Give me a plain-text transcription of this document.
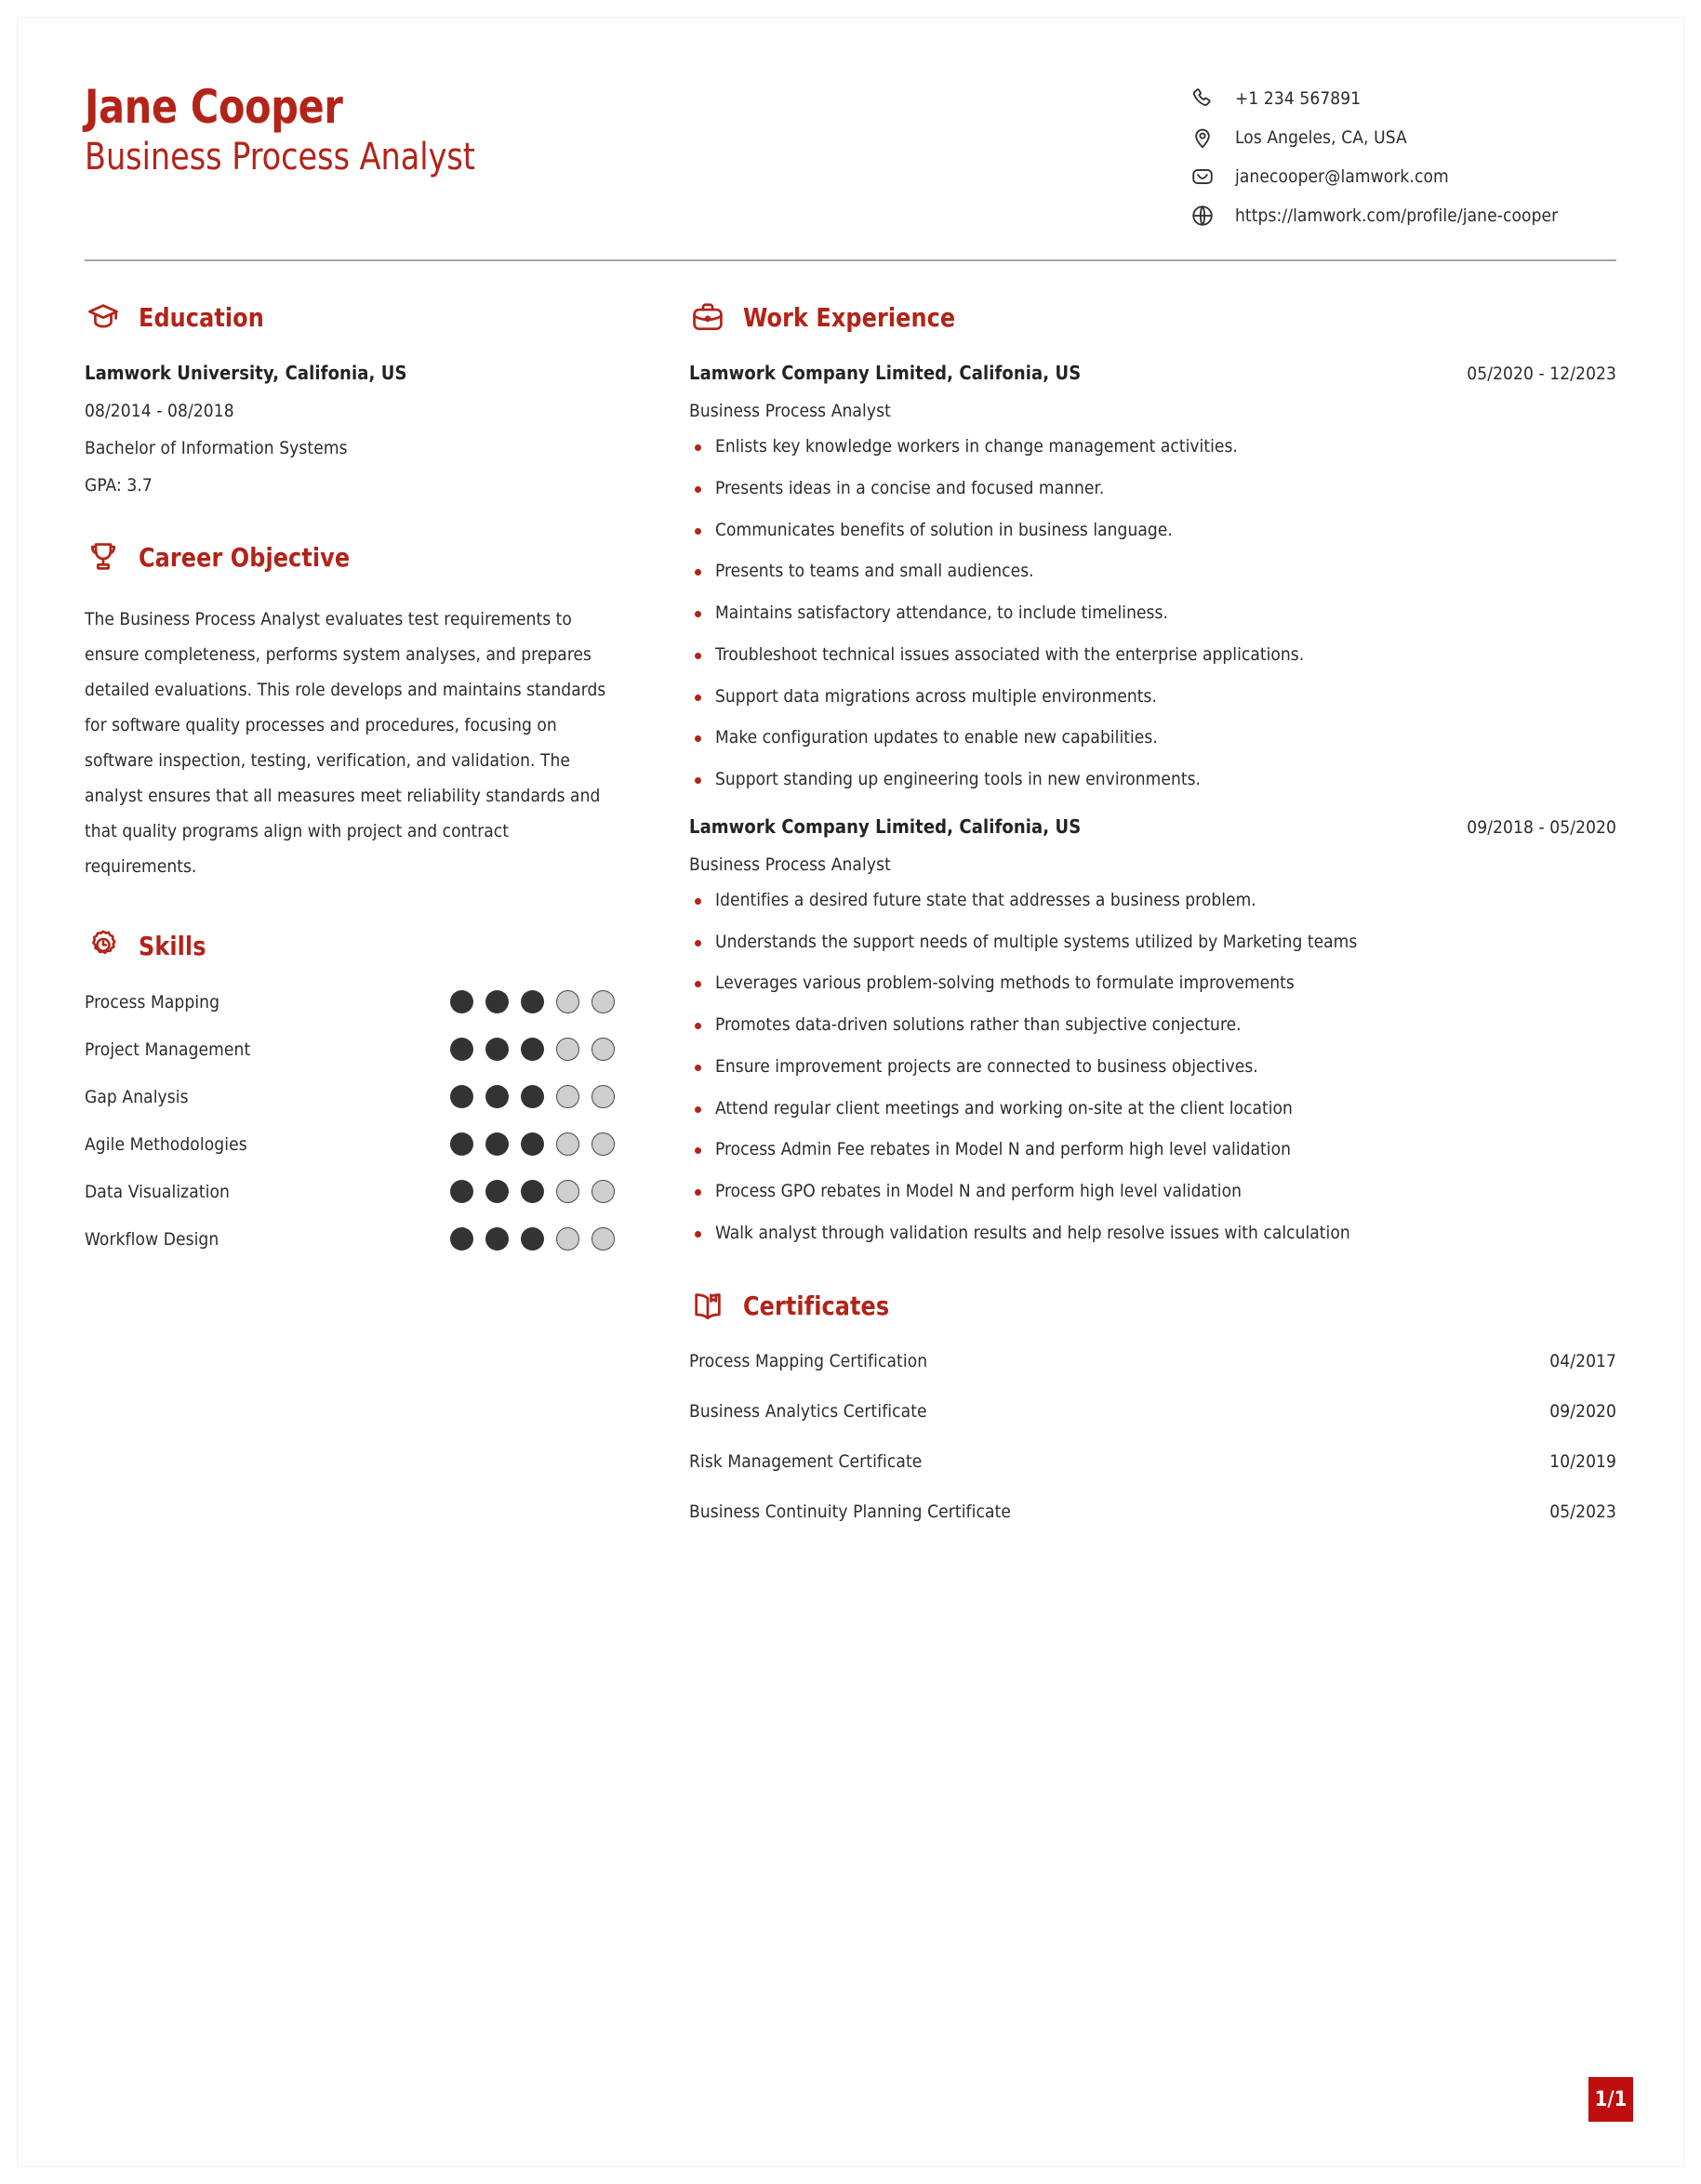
Jane Cooper
Business Process Analyst
+1 234 567891
Los Angeles, CA, USA
janecooper@lamwork.com
https://lamwork.com/profile/jane-cooper
Education
Lamwork University, Califonia, US
08/2014 - 08/2018
Bachelor of Information Systems
GPA: 3.7
Career Objective

The Business Process Analyst evaluates test requirements to ensure completeness, performs system analyses, and prepares detailed evaluations. This role develops and maintains standards for software quality processes and procedures, focusing on software inspection, testing, verification, and validation. The analyst ensures that all measures meet reliability standards and that quality programs align with project and contract requirements.

Skills
Process Mapping
Project Management
Gap Analysis
Agile Methodologies
Data Visualization
Workflow Design
Work Experience
Lamwork Company Limited, Califonia, US	05/2020 - 12/2023
Business Process Analyst
Enlists key knowledge workers in change management activities.
Presents ideas in a concise and focused manner.
Communicates benefits of solution in business language.
Presents to teams and small audiences.
Maintains satisfactory attendance, to include timeliness.
Troubleshoot technical issues associated with the enterprise applications.
Support data migrations across multiple environments.
Make configuration updates to enable new capabilities.
Support standing up engineering tools in new environments.
Lamwork Company Limited, Califonia, US	09/2018 - 05/2020
Business Process Analyst
Identifies a desired future state that addresses a business problem.
Understands the support needs of multiple systems utilized by Marketing teams
Leverages various problem-solving methods to formulate improvements
Promotes data-driven solutions rather than subjective conjecture.
Ensure improvement projects are connected to business objectives.
Attend regular client meetings and working on-site at the client location
Process Admin Fee rebates in Model N and perform high level validation
Process GPO rebates in Model N and perform high level validation
Walk analyst through validation results and help resolve issues with calculation
Certificates
Process Mapping Certification	04/2017
Business Analytics Certificate	09/2020
Risk Management Certificate	10/2019
Business Continuity Planning Certificate	05/2023
1/1
